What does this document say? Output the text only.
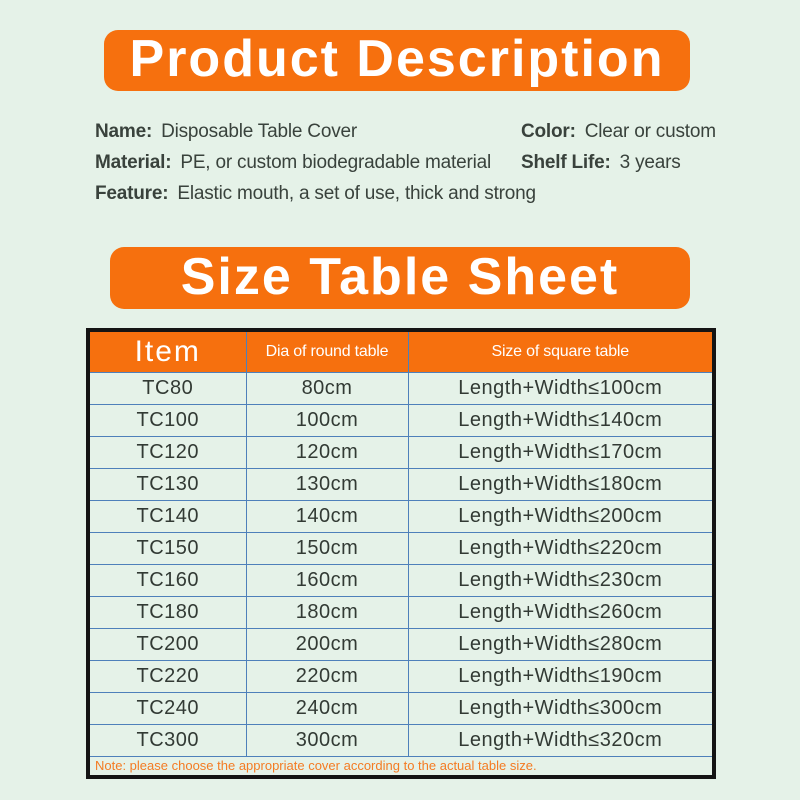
Product Description
Name: Disposable Table Cover
Material: PE, or custom biodegradable material
Feature: Elastic mouth, a set of use, thick and strong
Color: Clear or custom
Shelf Life: 3 years
Size Table Sheet
Item	Dia of round table	Size of square table
TC80	80cm	Length+Width≤100cm
TC100	100cm	Length+Width≤140cm
TC120	120cm	Length+Width≤170cm
TC130	130cm	Length+Width≤180cm
TC140	140cm	Length+Width≤200cm
TC150	150cm	Length+Width≤220cm
TC160	160cm	Length+Width≤230cm
TC180	180cm	Length+Width≤260cm
TC200	200cm	Length+Width≤280cm
TC220	220cm	Length+Width≤190cm
TC240	240cm	Length+Width≤300cm
TC300	300cm	Length+Width≤320cm
Note: please choose the appropriate cover according to the actual table size.		
